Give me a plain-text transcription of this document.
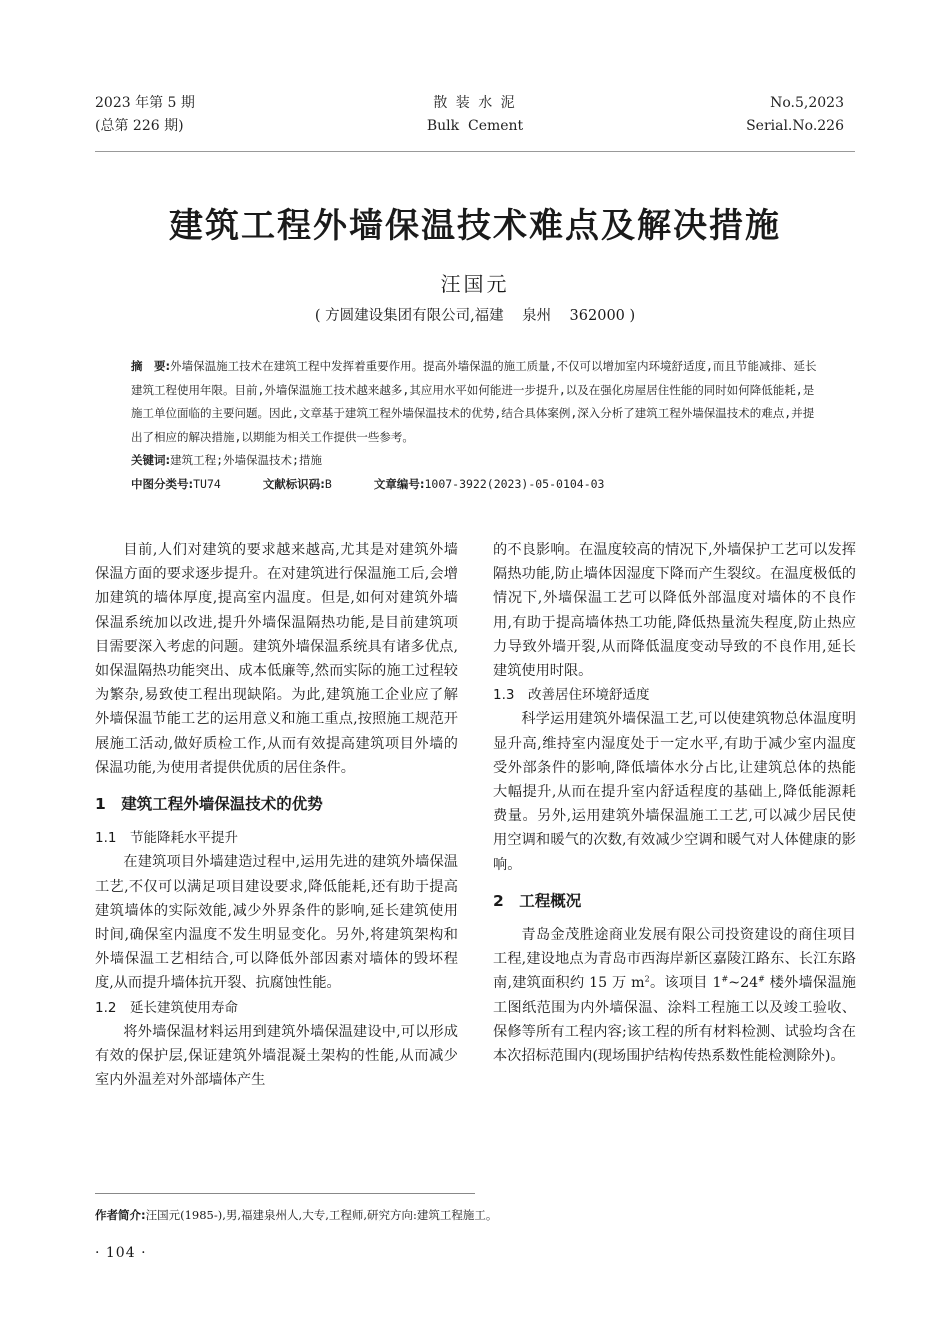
2023 年第 5 期
(总第 226 期)
散 装 水 泥
Bulk  Cement
No.5,2023
Serial.No.226
建筑工程外墙保温技术难点及解决措施
汪国元
( 方圆建设集团有限公司,福建    泉州    362000 )

摘　要:外墙保温施工技术在建筑工程中发挥着重要作用。提高外墙保温的施工质量,不仅可以增加室内环境舒适度,而且节能减排、延长建筑工程使用年限。目前,外墙保温施工技术越来越多,其应用水平如何能进一步提升,以及在强化房屋居住性能的同时如何降低能耗,是施工单位面临的主要问题。因此,文章基于建筑工程外墙保温技术的优势,结合具体案例,深入分析了建筑工程外墙保温技术的难点,并提出了相应的解决措施,以期能为相关工作提供一些参考。

关键词:建筑工程;外墙保温技术;措施

中图分类号:TU74	文献标识码:B	文章编号:1007-3922(2023)-05-0104-03

目前,人们对建筑的要求越来越高,尤其是对建筑外墙保温方面的要求逐步提升。在对建筑进行保温施工后,会增加建筑的墙体厚度,提高室内温度。但是,如何对建筑外墙保温系统加以改进,提升外墙保温隔热功能,是目前建筑项目需要深入考虑的问题。建筑外墙保温系统具有诸多优点,如保温隔热功能突出、成本低廉等,然而实际的施工过程较为繁杂,易致使工程出现缺陷。为此,建筑施工企业应了解外墙保温节能工艺的运用意义和施工重点,按照施工规范开展施工活动,做好质检工作,从而有效提高建筑项目外墙的保温功能,为使用者提供优质的居住条件。

1　建筑工程外墙保温技术的优势
1.1　节能降耗水平提升

在建筑项目外墙建造过程中,运用先进的建筑外墙保温工艺,不仅可以满足项目建设要求,降低能耗,还有助于提高建筑墙体的实际效能,减少外界条件的影响,延长建筑使用时间,确保室内温度不发生明显变化。另外,将建筑架构和外墙保温工艺相结合,可以降低外部因素对墙体的毁坏程度,从而提升墙体抗开裂、抗腐蚀性能。

1.2　延长建筑使用寿命

将外墙保温材料运用到建筑外墙保温建设中,可以形成有效的保护层,保证建筑外墙混凝土架构的性能,从而减少室内外温差对外部墙体产生

的不良影响。在温度较高的情况下,外墙保护工艺可以发挥隔热功能,防止墙体因湿度下降而产生裂纹。在温度极低的情况下,外墙保温工艺可以降低外部温度对墙体的不良作用,有助于提高墙体热工功能,降低热量流失程度,防止热应力导致外墙开裂,从而降低温度变动导致的不良作用,延长建筑使用时限。

1.3　改善居住环境舒适度

科学运用建筑外墙保温工艺,可以使建筑物总体温度明显升高,维持室内湿度处于一定水平,有助于减少室内温度受外部条件的影响,降低墙体水分占比,让建筑总体的热能大幅提升,从而在提升室内舒适程度的基础上,降低能源耗费量。另外,运用建筑外墙保温施工工艺,可以减少居民使用空调和暖气的次数,有效减少空调和暖气对人体健康的影响。

2　工程概况

青岛金茂胜途商业发展有限公司投资建设的商住项目工程,建设地点为青岛市西海岸新区嘉陵江路东、长江东路南,建筑面积约 15 万 $m^2$。该项目 1#~24# 楼外墙保温施工图纸范围为内外墙保温、涂料工程施工以及竣工验收、保修等所有工程内容;该工程的所有材料检测、试验均含在本次招标范围内(现场围护结构传热系数性能检测除外)。

作者简介:汪国元(1985-),男,福建泉州人,大专,工程师,研究方向:建筑工程施工。
· 104 ·
